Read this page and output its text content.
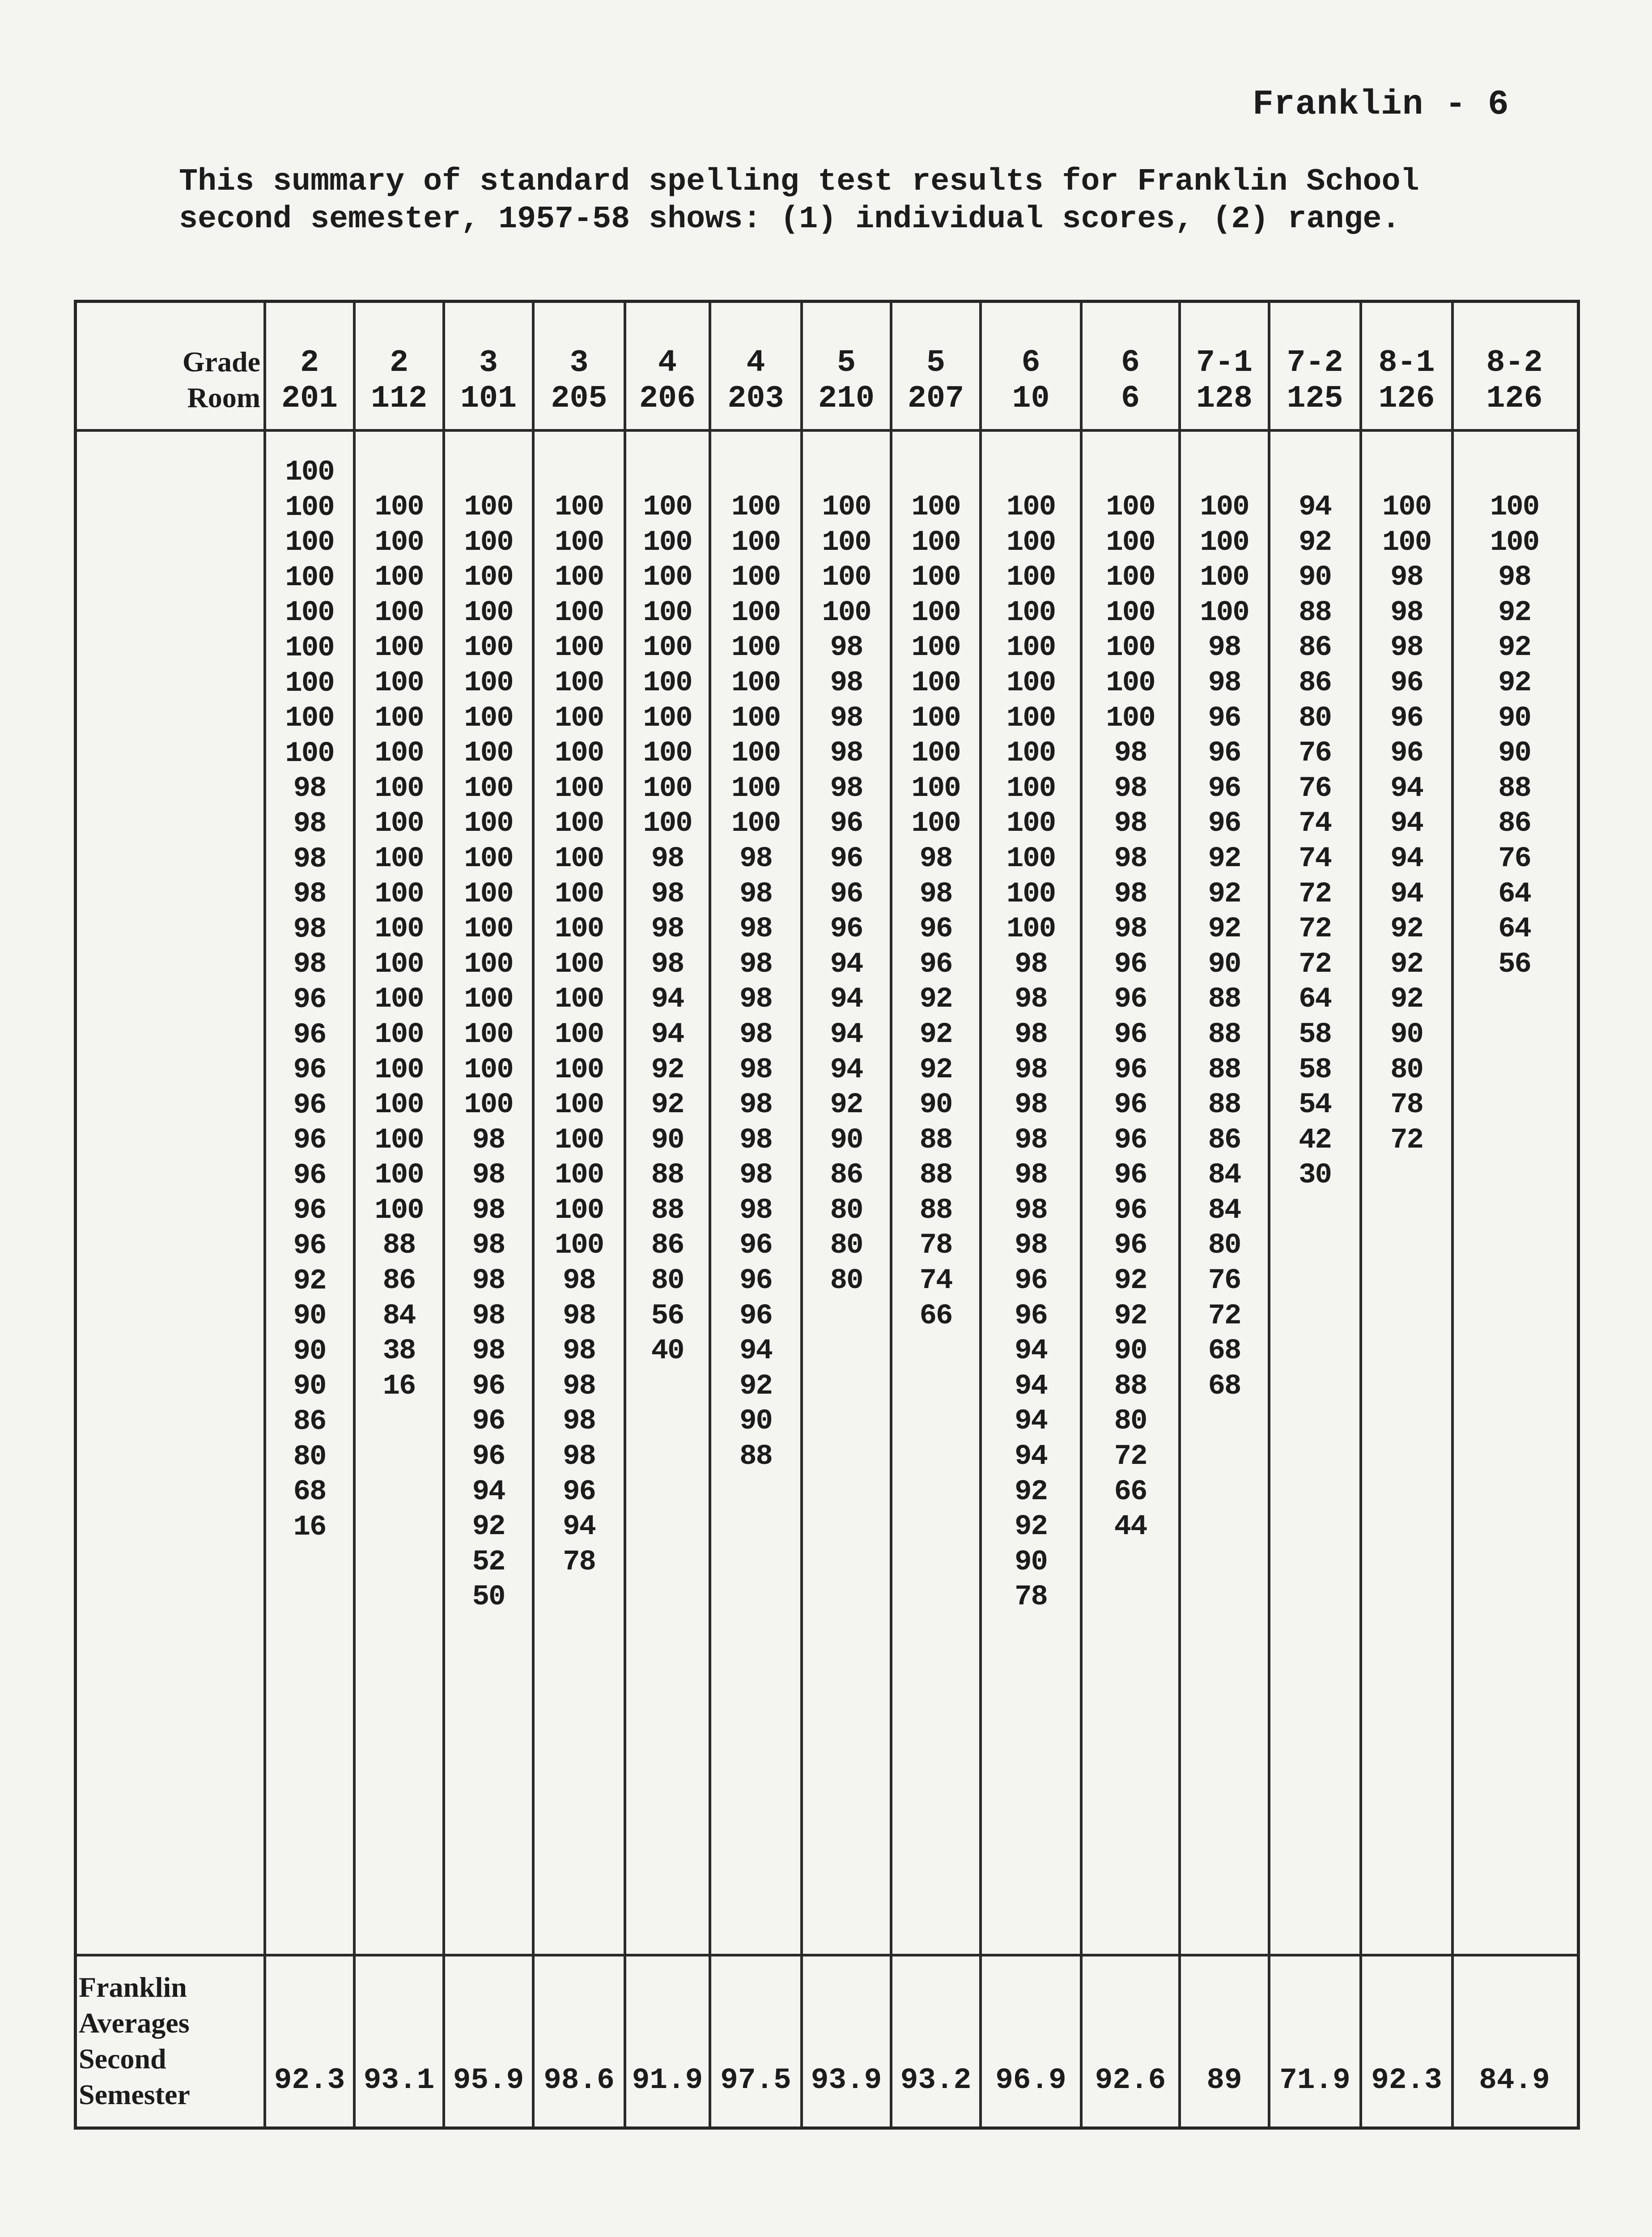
Franklin - 6
This summary of standard spelling test results for Franklin School
second semester, 1957-58 shows: (1) individual scores, (2) range.
Grade
Room
Franklin
Averages
Second
Semester
2
201
100
100
100
100
100
100
100
100
100
98
98
98
98
98
98
96
96
96
96
96
96
96
96
92
90
90
90
86
80
68
16
92.3
2
112
100
100
100
100
100
100
100
100
100
100
100
100
100
100
100
100
100
100
100
100
100
88
86
84
38
16
93.1
3
101
100
100
100
100
100
100
100
100
100
100
100
100
100
100
100
100
100
100
98
98
98
98
98
98
98
96
96
96
94
92
52
50
95.9
3
205
100
100
100
100
100
100
100
100
100
100
100
100
100
100
100
100
100
100
100
100
100
100
98
98
98
98
98
98
96
94
78
98.6
4
206
100
100
100
100
100
100
100
100
100
100
98
98
98
98
94
94
92
92
90
88
88
86
80
56
40
91.9
4
203
100
100
100
100
100
100
100
100
100
100
98
98
98
98
98
98
98
98
98
98
98
96
96
96
94
92
90
88
97.5
5
210
100
100
100
100
98
98
98
98
98
96
96
96
96
94
94
94
94
92
90
86
80
80
80
93.9
5
207
100
100
100
100
100
100
100
100
100
100
98
98
96
96
92
92
92
90
88
88
88
78
74
66
93.2
6
10
100
100
100
100
100
100
100
100
100
100
100
100
100
98
98
98
98
98
98
98
98
98
96
96
94
94
94
94
92
92
90
78
96.9
6
6
100
100
100
100
100
100
100
98
98
98
98
98
98
96
96
96
96
96
96
96
96
96
92
92
90
88
80
72
66
44
92.6
7-1
128
100
100
100
100
98
98
96
96
96
96
92
92
92
90
88
88
88
88
86
84
84
80
76
72
68
68
89
7-2
125
94
92
90
88
86
86
80
76
76
74
74
72
72
72
64
58
58
54
42
30
71.9
8-1
126
100
100
98
98
98
96
96
96
94
94
94
94
92
92
92
90
80
78
72
92.3
8-2
126
100
100
98
92
92
92
90
90
88
86
76
64
64
56
84.9
